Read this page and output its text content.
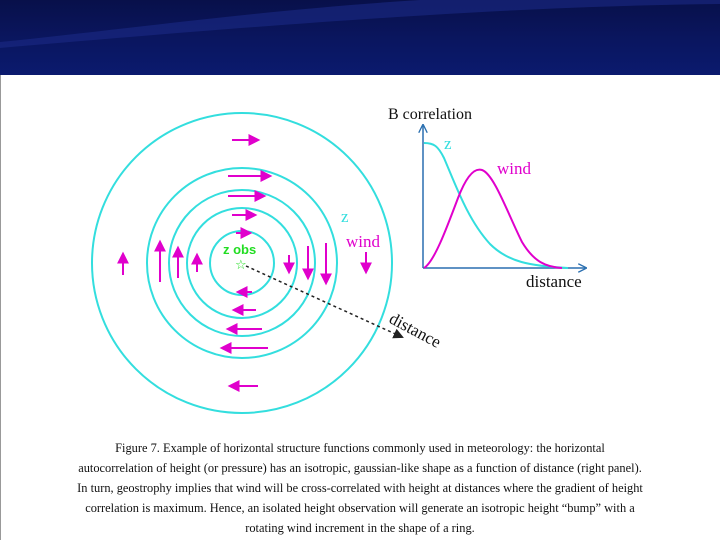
z
wind
z obs
☆
distance
B correlation
z
wind
distance

Figure 7. Example of horizontal structure functions commonly used in meteorology: the horizontal

autocorrelation of height (or pressure) has an isotropic, gaussian-like shape as a function of distance (right panel).

In turn, geostrophy implies that wind will be cross-correlated with height at distances where the gradient of height

correlation is maximum. Hence, an isolated height observation will generate an isotropic height “bump” with a

rotating wind increment in the shape of a ring.
